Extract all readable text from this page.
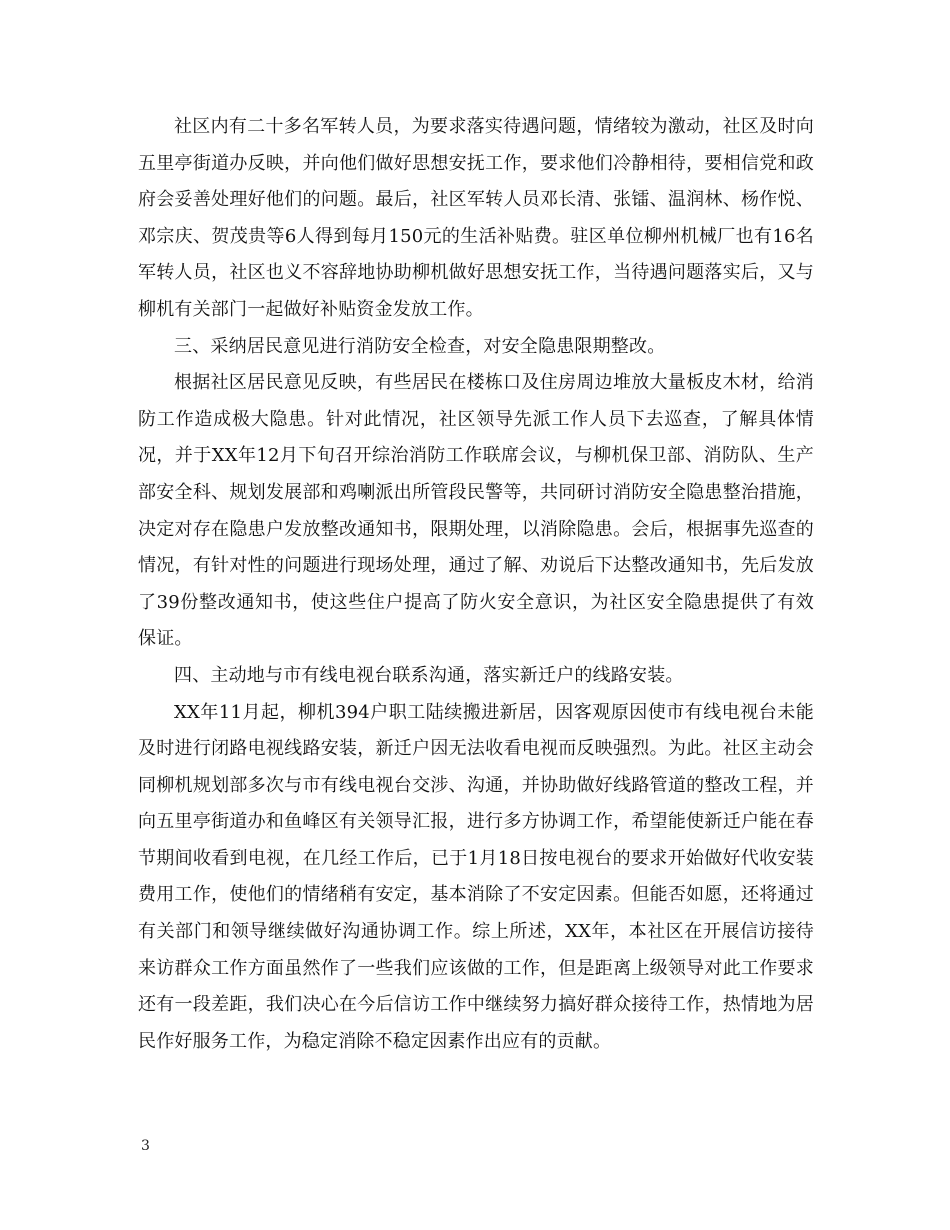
社区内有二十多名军转人员，为要求落实待遇问题，情绪较为激动，社区及时向五里亭街道办反映，并向他们做好思想安抚工作，要求他们冷静相待，要相信党和政府会妥善处理好他们的问题。最后，社区军转人员邓长清、张镭、温润林、杨作悦、邓宗庆、贺茂贵等6人得到每月150元的生活补贴费。驻区单位柳州机械厂也有16名军转人员，社区也义不容辞地协助柳机做好思想安抚工作，当待遇问题落实后，又与柳机有关部门一起做好补贴资金发放工作。

三、采纳居民意见进行消防安全检查，对安全隐患限期整改。

根据社区居民意见反映，有些居民在楼栋口及住房周边堆放大量板皮木材，给消防工作造成极大隐患。针对此情况，社区领导先派工作人员下去巡查，了解具体情况，并于XX年12月下旬召开综治消防工作联席会议，与柳机保卫部、消防队、生产部安全科、规划发展部和鸡喇派出所管段民警等，共同研讨消防安全隐患整治措施，决定对存在隐患户发放整改通知书，限期处理，以消除隐患。会后，根据事先巡查的情况，有针对性的问题进行现场处理，通过了解、劝说后下达整改通知书，先后发放了39份整改通知书，使这些住户提高了防火安全意识，为社区安全隐患提供了有效保证。

四、主动地与市有线电视台联系沟通，落实新迁户的线路安装。

XX年11月起，柳机394户职工陆续搬进新居，因客观原因使市有线电视台未能及时进行闭路电视线路安装，新迁户因无法收看电视而反映强烈。为此。社区主动会同柳机规划部多次与市有线电视台交涉、沟通，并协助做好线路管道的整改工程，并向五里亭街道办和鱼峰区有关领导汇报，进行多方协调工作，希望能使新迁户能在春节期间收看到电视，在几经工作后，已于1月18日按电视台的要求开始做好代收安装费用工作，使他们的情绪稍有安定，基本消除了不安定因素。但能否如愿，还将通过有关部门和领导继续做好沟通协调工作。综上所述，XX年，本社区在开展信访接待来访群众工作方面虽然作了一些我们应该做的工作，但是距离上级领导对此工作要求还有一段差距，我们决心在今后信访工作中继续努力搞好群众接待工作，热情地为居民作好服务工作，为稳定消除不稳定因素作出应有的贡献。

3
